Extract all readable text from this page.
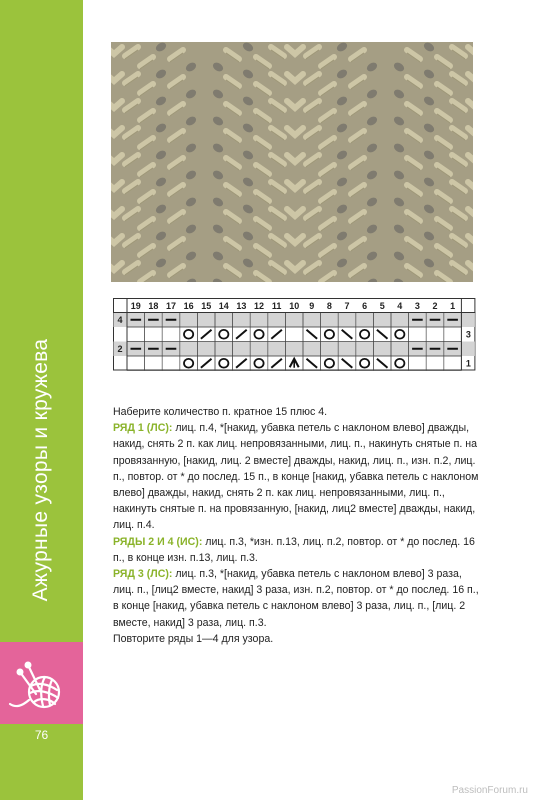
Ажурные узоры и кружева
76
19 18 17 16 15 14 13 12 11 10 9 8 7 6 5 4 3 2 1
4
3
2
1

Наберите количество п. кратное 15 плюс 4.

РЯД 1 (ЛС): лиц. п.4, *[накид, убавка петель с наклоном влево] дважды, накид, снять 2 п. как лиц. непровязанными, лиц. п., накинуть снятые п. на провязанную, [накид, лиц. 2 вместе] дважды, накид, лиц. п., изн. п.2, лиц. п., повтор. от * до послед. 15 п., в конце [накид, убавка петель с наклоном влево] дважды, накид, снять 2 п. как лиц. непровязанными, лиц. п., накинуть снятые п. на провязанную, [накид, лиц2 вместе] дважды, накид, лиц. п.4.

РЯДЫ 2 И 4 (ИС): лиц. п.3, *изн. п.13, лиц. п.2, повтор. от * до послед. 16 п., в конце изн. п.13, лиц. п.3.

РЯД 3 (ЛС): лиц. п.3, *[накид, убавка петель с наклоном влево] 3 раза, лиц. п., [лиц2 вместе, накид] 3 раза, изн. п.2, повтор. от * до послед. 16 п., в конце [накид, убавка петель с наклоном влево] 3 раза, лиц. п., [лиц. 2 вместе, накид] 3 раза, лиц. п.3.

Повторите ряды 1—4 для узора.

PassionForum.ru
